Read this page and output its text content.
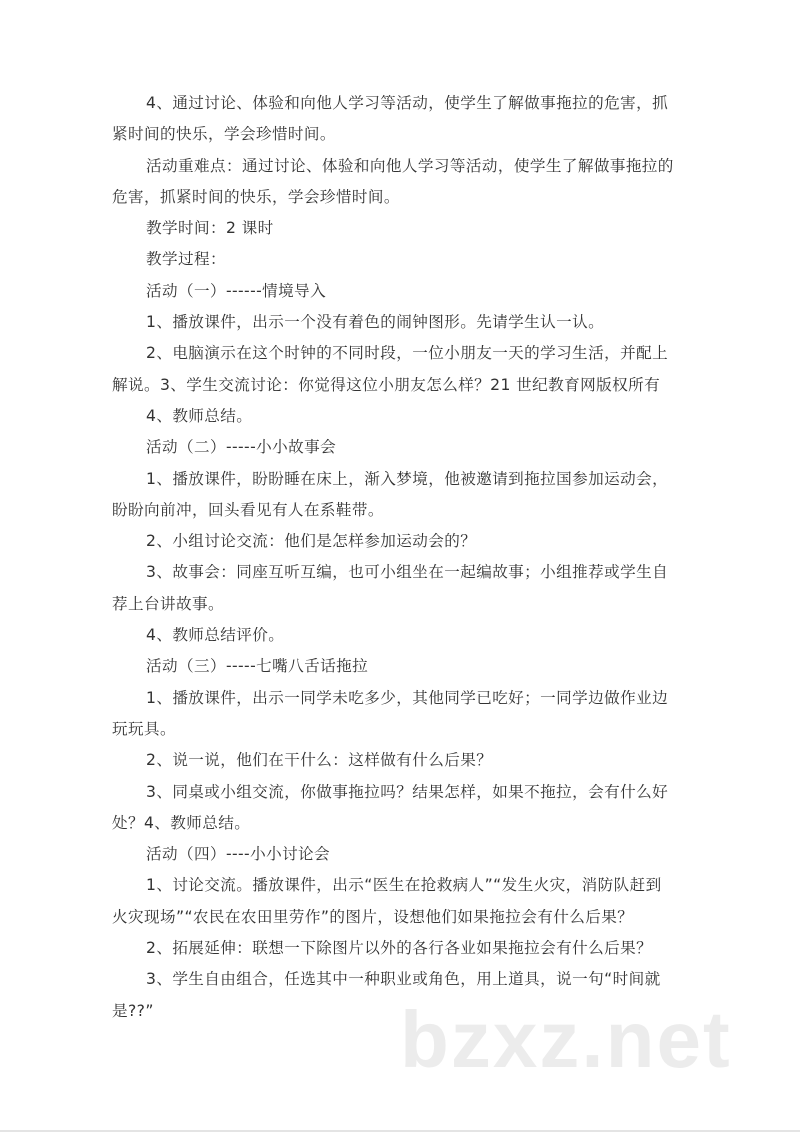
4、通过讨论、体验和向他人学习等活动，使学生了解做事拖拉的危害，抓
紧时间的快乐，学会珍惜时间。
活动重难点：通过讨论、体验和向他人学习等活动，使学生了解做事拖拉的
危害，抓紧时间的快乐，学会珍惜时间。
教学时间：2 课时
教学过程：
活动（一）------情境导入
1、播放课件，出示一个没有着色的闹钟图形。先请学生认一认。
2、电脑演示在这个时钟的不同时段，一位小朋友一天的学习生活，并配上
解说。3、学生交流讨论：你觉得这位小朋友怎么样？21 世纪教育网版权所有
4、教师总结。
活动（二）-----小小故事会
1、播放课件，盼盼睡在床上，渐入梦境，他被邀请到拖拉国参加运动会，
盼盼向前冲，回头看见有人在系鞋带。
2、小组讨论交流：他们是怎样参加运动会的？
3、故事会：同座互听互编，也可小组坐在一起编故事；小组推荐或学生自
荐上台讲故事。
4、教师总结评价。
活动（三）-----七嘴八舌话拖拉
1、播放课件，出示一同学未吃多少，其他同学已吃好；一同学边做作业边
玩玩具。
2、说一说，他们在干什么：这样做有什么后果？
3、同桌或小组交流，你做事拖拉吗？结果怎样，如果不拖拉，会有什么好
处？4、教师总结。
活动（四）----小小讨论会
1、讨论交流。播放课件，出示“医生在抢救病人”“发生火灾，消防队赶到
火灾现场”“农民在农田里劳作”的图片，设想他们如果拖拉会有什么后果？
2、拓展延伸：联想一下除图片以外的各行各业如果拖拉会有什么后果？
3、学生自由组合，任选其中一种职业或角色，用上道具，说一句“时间就
是??”	bzxz.net
